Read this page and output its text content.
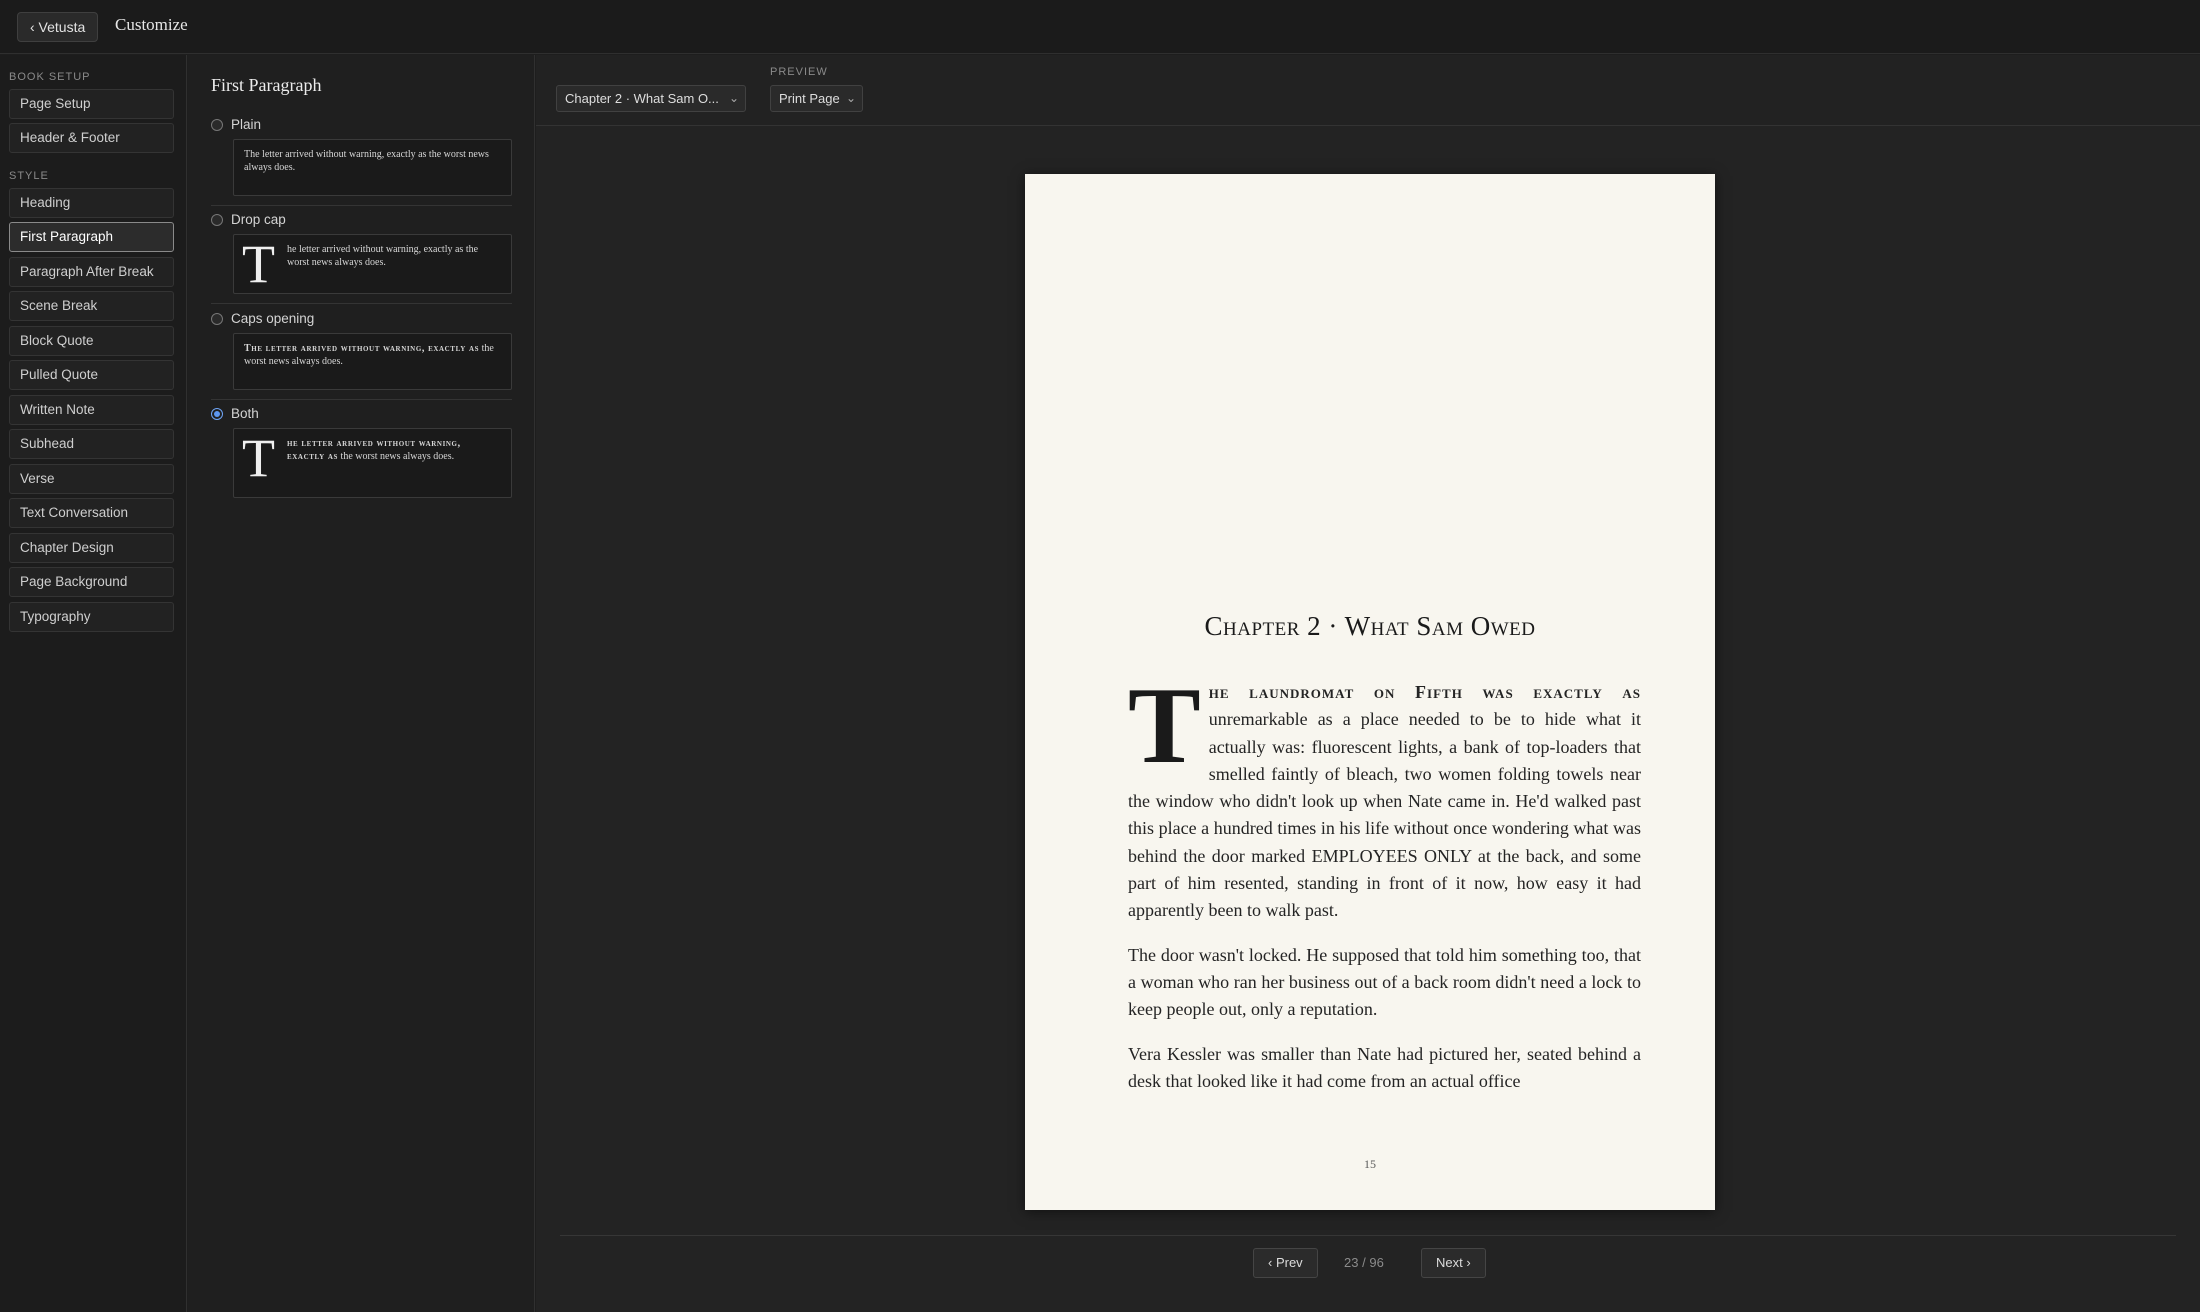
‹ Vetusta	Customize
BOOK SETUP
Page Setup
Header & Footer
STYLE
Heading
First Paragraph
Paragraph After Break
Scene Break
Block Quote
Pulled Quote
Written Note
Subhead
Verse
Text Conversation
Chapter Design
Page Background
Typography
First Paragraph
Plain
The letter arrived without warning, exactly as the worst news always does.
Drop cap
T he letter arrived without warning, exactly as the worst news always does.
Caps opening
The letter arrived without warning, exactly as the worst news always does.
Both
T he letter arrived without warning, exactly as the worst news always does.
Chapter 2 · What Sam O... ⌄
PREVIEW
Print Page ⌄
Chapter 2 · What Sam Owed

The laundromat on Fifth was exactly as unremarkable as a place needed to be to hide what it actually was: fluorescent lights, a bank of top-loaders that smelled faintly of bleach, two women folding towels near the window who didn't look up when Nate came in. He'd walked past this place a hundred times in his life without once wondering what was behind the door marked EMPLOYEES ONLY at the back, and some part of him resented, standing in front of it now, how easy it had apparently been to walk past.

The door wasn't locked. He supposed that told him something too, that a woman who ran her business out of a back room didn't need a lock to keep people out, only a reputation.

Vera Kessler was smaller than Nate had pictured her, seated behind a desk that looked like it had come from an actual office

15
‹ Prev	23 / 96	Next ›
